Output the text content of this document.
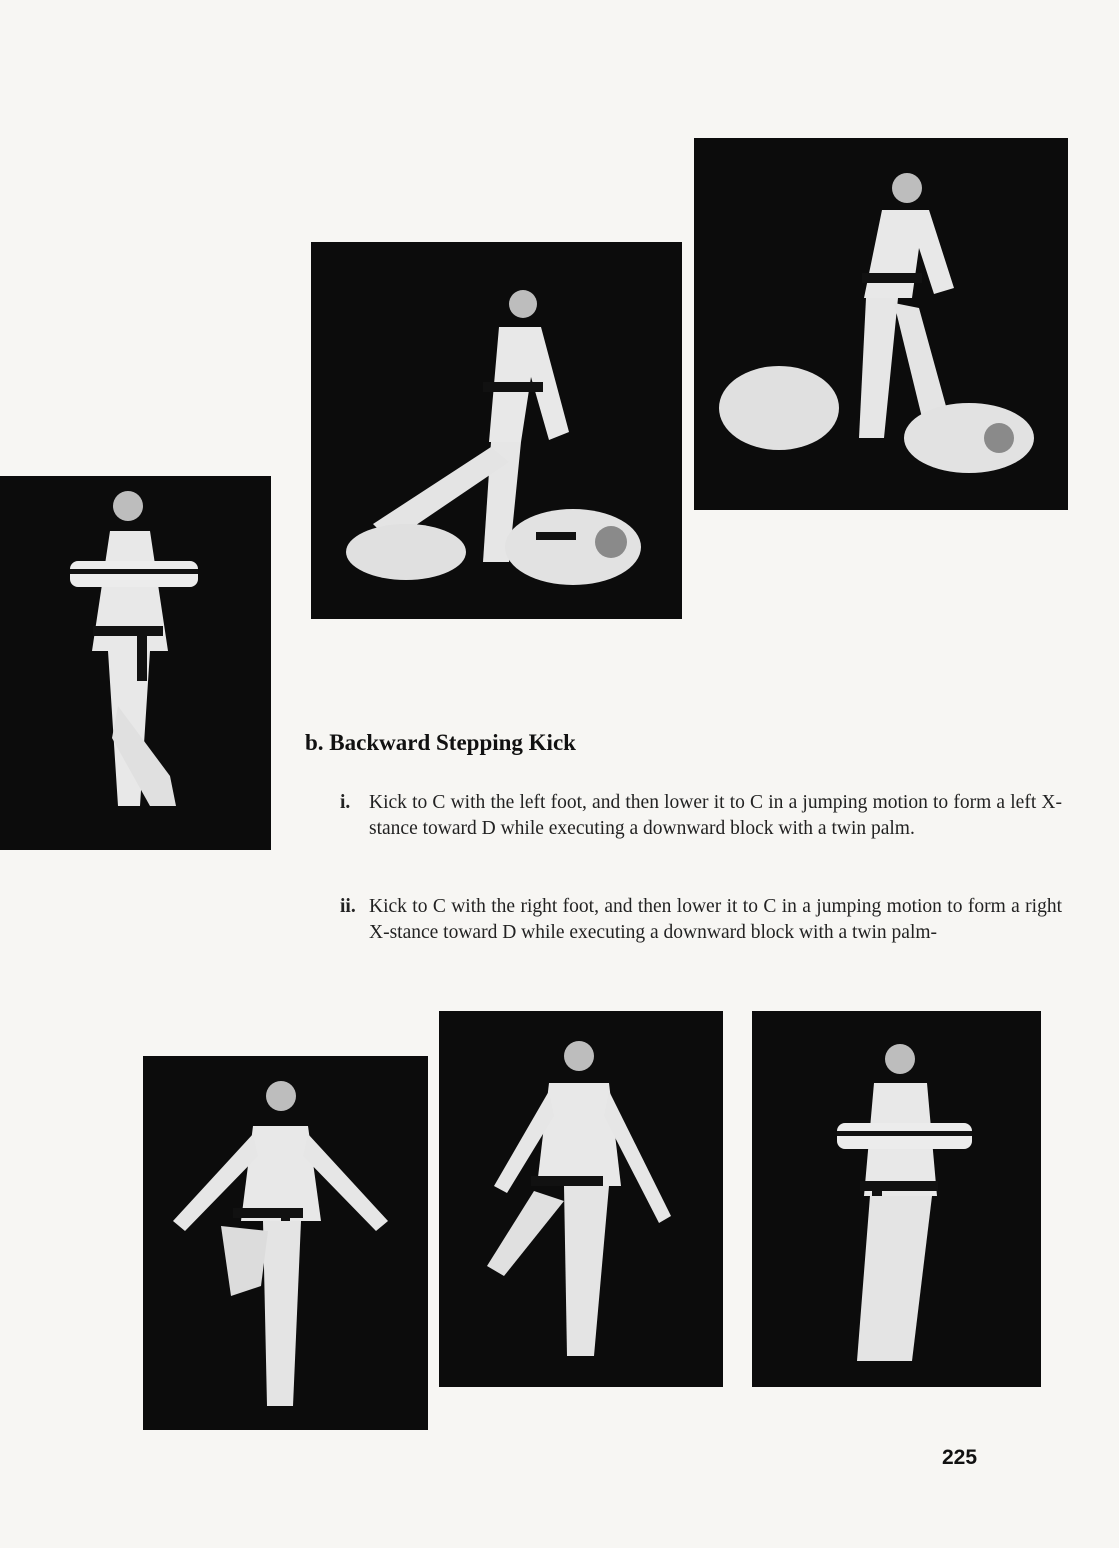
b. Backward Stepping Kick
i. Kick to C with the left foot, and then lower it to C in a jumping motion to form a left X-stance toward D while executing a downward block with a twin palm.
ii. Kick to C with the right foot, and then lower it to C in a jumping motion to form a right X-stance toward D while executing a downward block with a twin palm-
225
